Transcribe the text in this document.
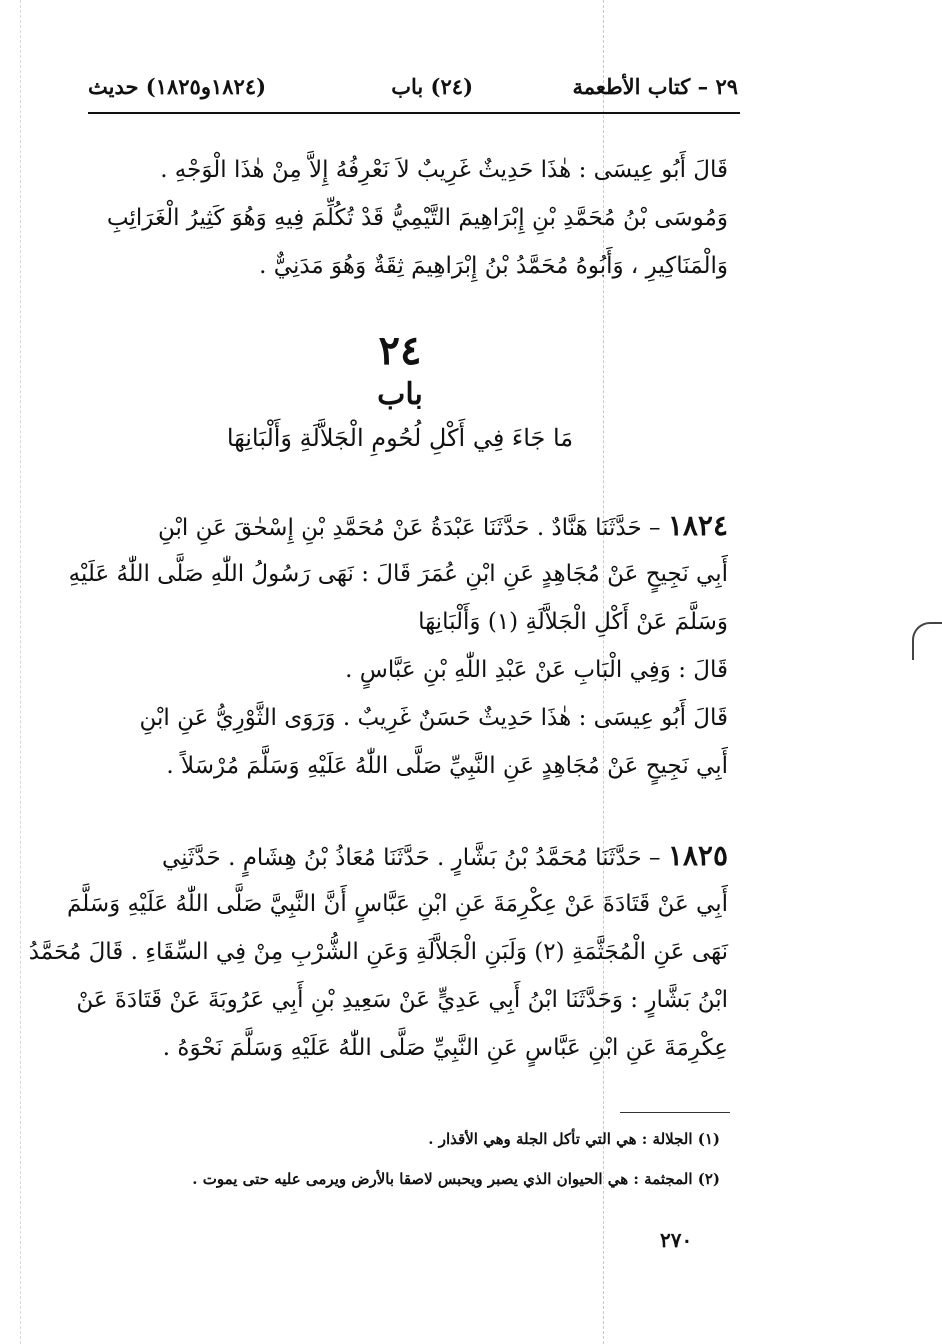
٢٩ – كتاب الأطعمة
(٢٤) باب
(١٨٢٤و١٨٢٥) حديث
قَالَ أَبُو عِيسَى : هٰذَا حَدِيثٌ غَرِيبٌ لاَ نَعْرِفُهُ إِلاَّ مِنْ هٰذَا الْوَجْهِ .
وَمُوسَى بْنُ مُحَمَّدِ بْنِ إِبْرَاهِيمَ التَّيْمِيُّ قَدْ تُكُلِّمَ فِيهِ وَهُوَ كَثِيرُ الْغَرَائِبِ
وَالْمَنَاكِيرِ ، وَأَبُوهُ مُحَمَّدُ بْنُ إِبْرَاهِيمَ ثِقَةٌ وَهُوَ مَدَنِيٌّ .
٢٤
باب
مَا جَاءَ فِي أَكْلِ لُحُومِ الْجَلاَّلَةِ وَأَلْبَانِهَا
١٨٢٤ – حَدَّثَنَا هَنَّادٌ . حَدَّثَنَا عَبْدَةُ عَنْ مُحَمَّدِ بْنِ إِسْحٰقَ عَنِ ابْنِ
أَبِي نَجِيحٍ عَنْ مُجَاهِدٍ عَنِ ابْنِ عُمَرَ قَالَ : نَهَى رَسُولُ اللّٰهِ صَلَّى اللّٰهُ عَلَيْهِ
وَسَلَّمَ عَنْ أَكْلِ الْجَلاَّلَةِ (١) وَأَلْبَانِهَا
قَالَ : وَفِي الْبَابِ عَنْ عَبْدِ اللّٰهِ بْنِ عَبَّاسٍ .
قَالَ أَبُو عِيسَى : هٰذَا حَدِيثٌ حَسَنٌ غَرِيبٌ . وَرَوَى الثَّوْرِيُّ عَنِ ابْنِ
أَبِي نَجِيحٍ عَنْ مُجَاهِدٍ عَنِ النَّبِيِّ صَلَّى اللّٰهُ عَلَيْهِ وَسَلَّمَ مُرْسَلاً .
١٨٢٥ – حَدَّثَنَا مُحَمَّدُ بْنُ بَشَّارٍ . حَدَّثَنَا مُعَاذُ بْنُ هِشَامٍ . حَدَّثَنِي
أَبِي عَنْ قَتَادَةَ عَنْ عِكْرِمَةَ عَنِ ابْنِ عَبَّاسٍ أَنَّ النَّبِيَّ صَلَّى اللّٰهُ عَلَيْهِ وَسَلَّمَ
نَهَى عَنِ الْمُجَثَّمَةِ (٢) وَلَبَنِ الْجَلاَّلَةِ وَعَنِ الشُّرْبِ مِنْ فِي السِّقَاءِ . قَالَ مُحَمَّدُ
ابْنُ بَشَّارٍ : وَحَدَّثَنَا ابْنُ أَبِي عَدِيٍّ عَنْ سَعِيدِ بْنِ أَبِي عَرُوبَةَ عَنْ قَتَادَةَ عَنْ
عِكْرِمَةَ عَنِ ابْنِ عَبَّاسٍ عَنِ النَّبِيِّ صَلَّى اللّٰهُ عَلَيْهِ وَسَلَّمَ نَحْوَهُ .
(١) الجلالة : هي التي تأكل الجلة وهي الأقذار .
(٢) المجثمة : هي الحيوان الذي يصبر ويحبس لاصقا بالأرض ويرمى عليه حتى يموت .
٢٧٠
